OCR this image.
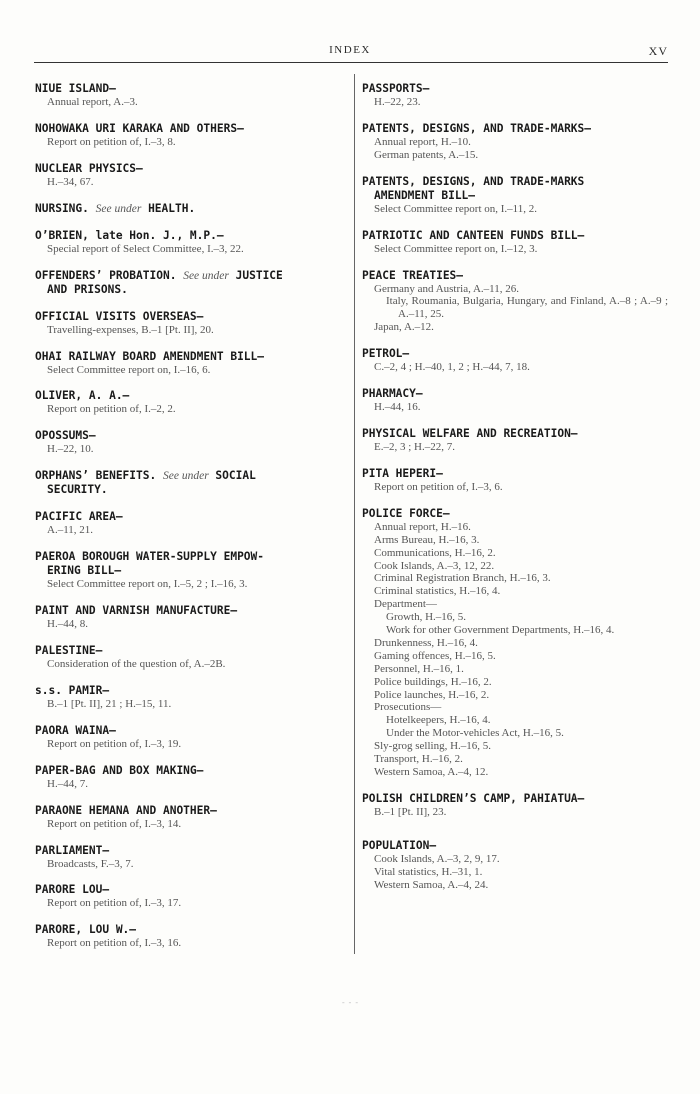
INDEX	XV
NIUE ISLAND—
Annual report, A.–3.
NOHOWAKA URI KARAKA AND OTHERS—
Report on petition of, I.–3, 8.
NUCLEAR PHYSICS—
H.–34, 67.
NURSING. See under HEALTH.
O’BRIEN, late Hon. J., M.P.—
Special report of Select Committee, I.–3, 22.
OFFENDERS’ PROBATION. See under JUSTICE
AND PRISONS.
OFFICIAL VISITS OVERSEAS—
Travelling-expenses, B.–1 [Pt. II], 20.
OHAI RAILWAY BOARD AMENDMENT BILL—
Select Committee report on, I.–16, 6.
OLIVER, A. A.—
Report on petition of, I.–2, 2.
OPOSSUMS—
H.–22, 10.
ORPHANS’ BENEFITS. See under SOCIAL
SECURITY.
PACIFIC AREA—
A.–11, 21.
PAEROA BOROUGH WATER-SUPPLY EMPOW-
ERING BILL—
Select Committee report on, I.–5, 2 ; I.–16, 3.
PAINT AND VARNISH MANUFACTURE—
H.–44, 8.
PALESTINE—
Consideration of the question of, A.–2B.
s.s. PAMIR—
B.–1 [Pt. II], 21 ; H.–15, 11.
PAORA WAINA—
Report on petition of, I.–3, 19.
PAPER-BAG AND BOX MAKING—
H.–44, 7.
PARAONE HEMANA AND ANOTHER—
Report on petition of, I.–3, 14.
PARLIAMENT—
Broadcasts, F.–3, 7.
PARORE LOU—
Report on petition of, I.–3, 17.
PARORE, LOU W.—
Report on petition of, I.–3, 16.
PASSPORTS—
H.–22, 23.
PATENTS, DESIGNS, AND TRADE-MARKS—
Annual report, H.–10.
German patents, A.–15.
PATENTS, DESIGNS, AND TRADE-MARKS
AMENDMENT BILL—
Select Committee report on, I.–11, 2.
PATRIOTIC AND CANTEEN FUNDS BILL—
Select Committee report on, I.–12, 3.
PEACE TREATIES—
Germany and Austria, A.–11, 26.
Italy, Roumania, Bulgaria, Hungary, and Finland, A.–8 ; A.–9 ; A.–11, 25.
Japan, A.–12.
PETROL—
C.–2, 4 ; H.–40, 1, 2 ; H.–44, 7, 18.
PHARMACY—
H.–44, 16.
PHYSICAL WELFARE AND RECREATION—
E.–2, 3 ; H.–22, 7.
PITA HEPERI—
Report on petition of, I.–3, 6.
POLICE FORCE—
Annual report, H.–16.
Arms Bureau, H.–16, 3.
Communications, H.–16, 2.
Cook Islands, A.–3, 12, 22.
Criminal Registration Branch, H.–16, 3.
Criminal statistics, H.–16, 4.
Department—
Growth, H.–16, 5.
Work for other Government Departments, H.–16, 4.
Drunkenness, H.–16, 4.
Gaming offences, H.–16, 5.
Personnel, H.–16, 1.
Police buildings, H.–16, 2.
Police launches, H.–16, 2.
Prosecutions—
Hotelkeepers, H.–16, 4.
Under the Motor-vehicles Act, H.–16, 5.
Sly-grog selling, H.–16, 5.
Transport, H.–16, 2.
Western Samoa, A.–4, 12.
POLISH CHILDREN’S CAMP, PAHIATUA—
B.–1 [Pt. II], 23.
POPULATION—
Cook Islands, A.–3, 2, 9, 17.
Vital statistics, H.–31, 1.
Western Samoa, A.–4, 24.
- - -
